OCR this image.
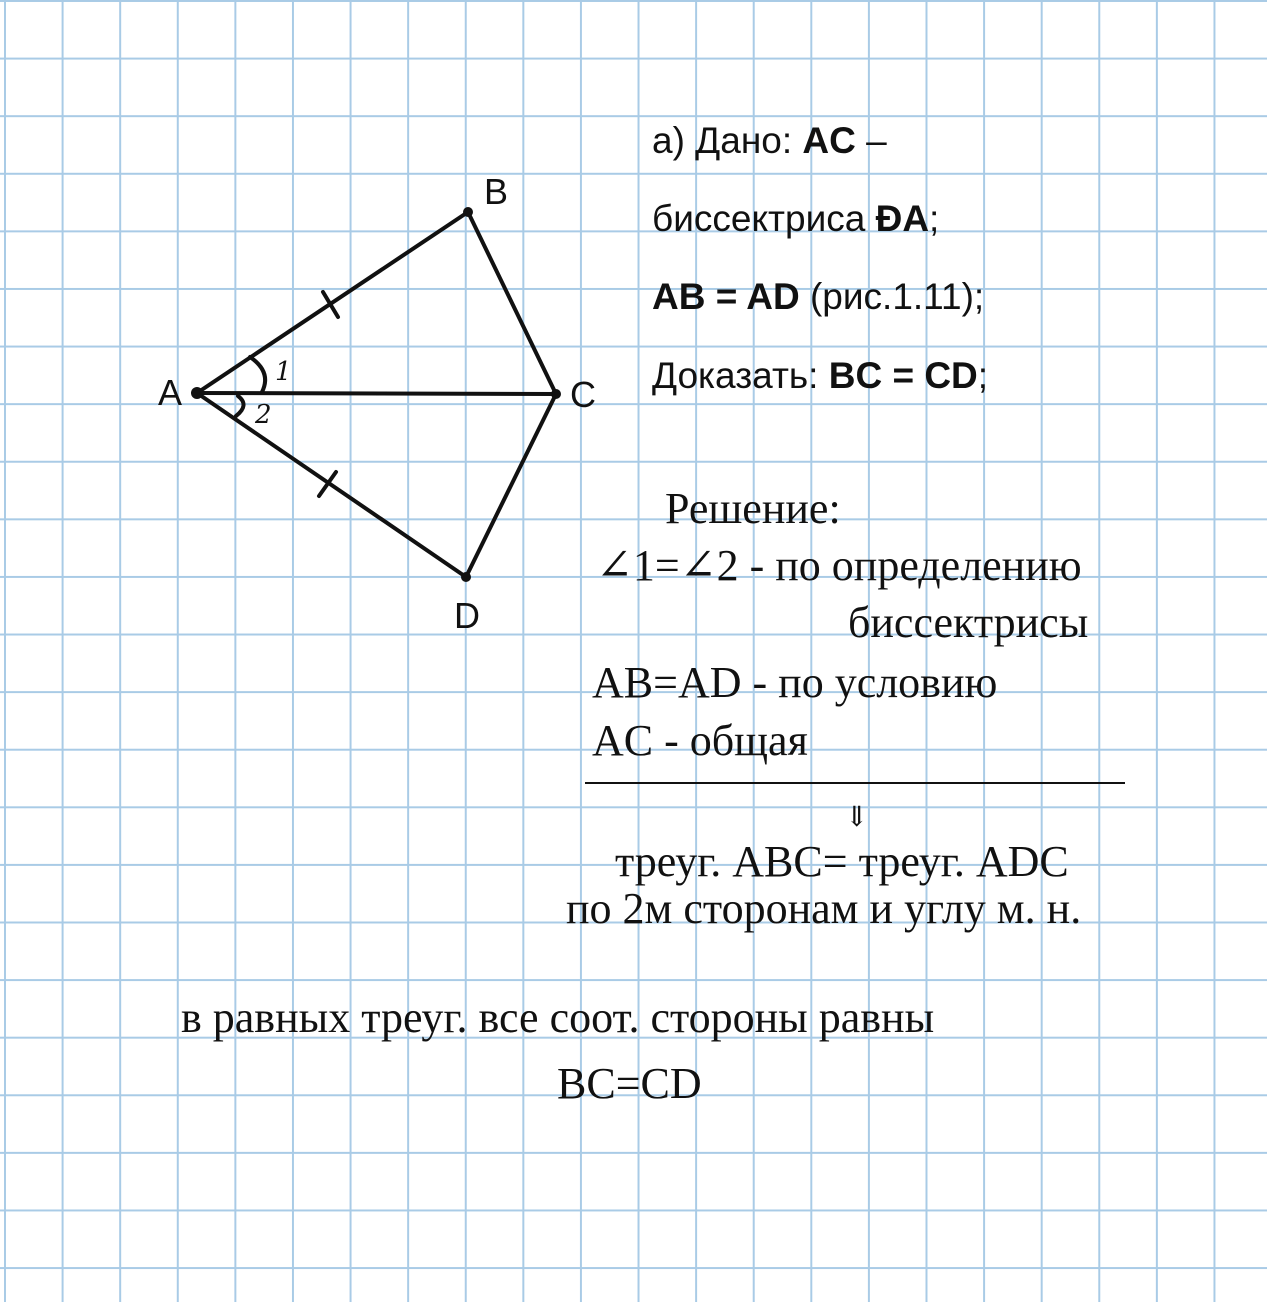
A
B
C
D
1
2
а) Дано: AC –
биссектриса ÐA;
AB = AD (рис.1.11);
Доказать: BC = CD;
Решение:
∠1=∠2 - по определению
биссектрисы
AB=AD - по условию
AC - общая
⇓
треуг. ABC= треуг. ADC
по 2м сторонам и углу м. н.
в равных треуг. все соот. стороны равны
BC=CD
